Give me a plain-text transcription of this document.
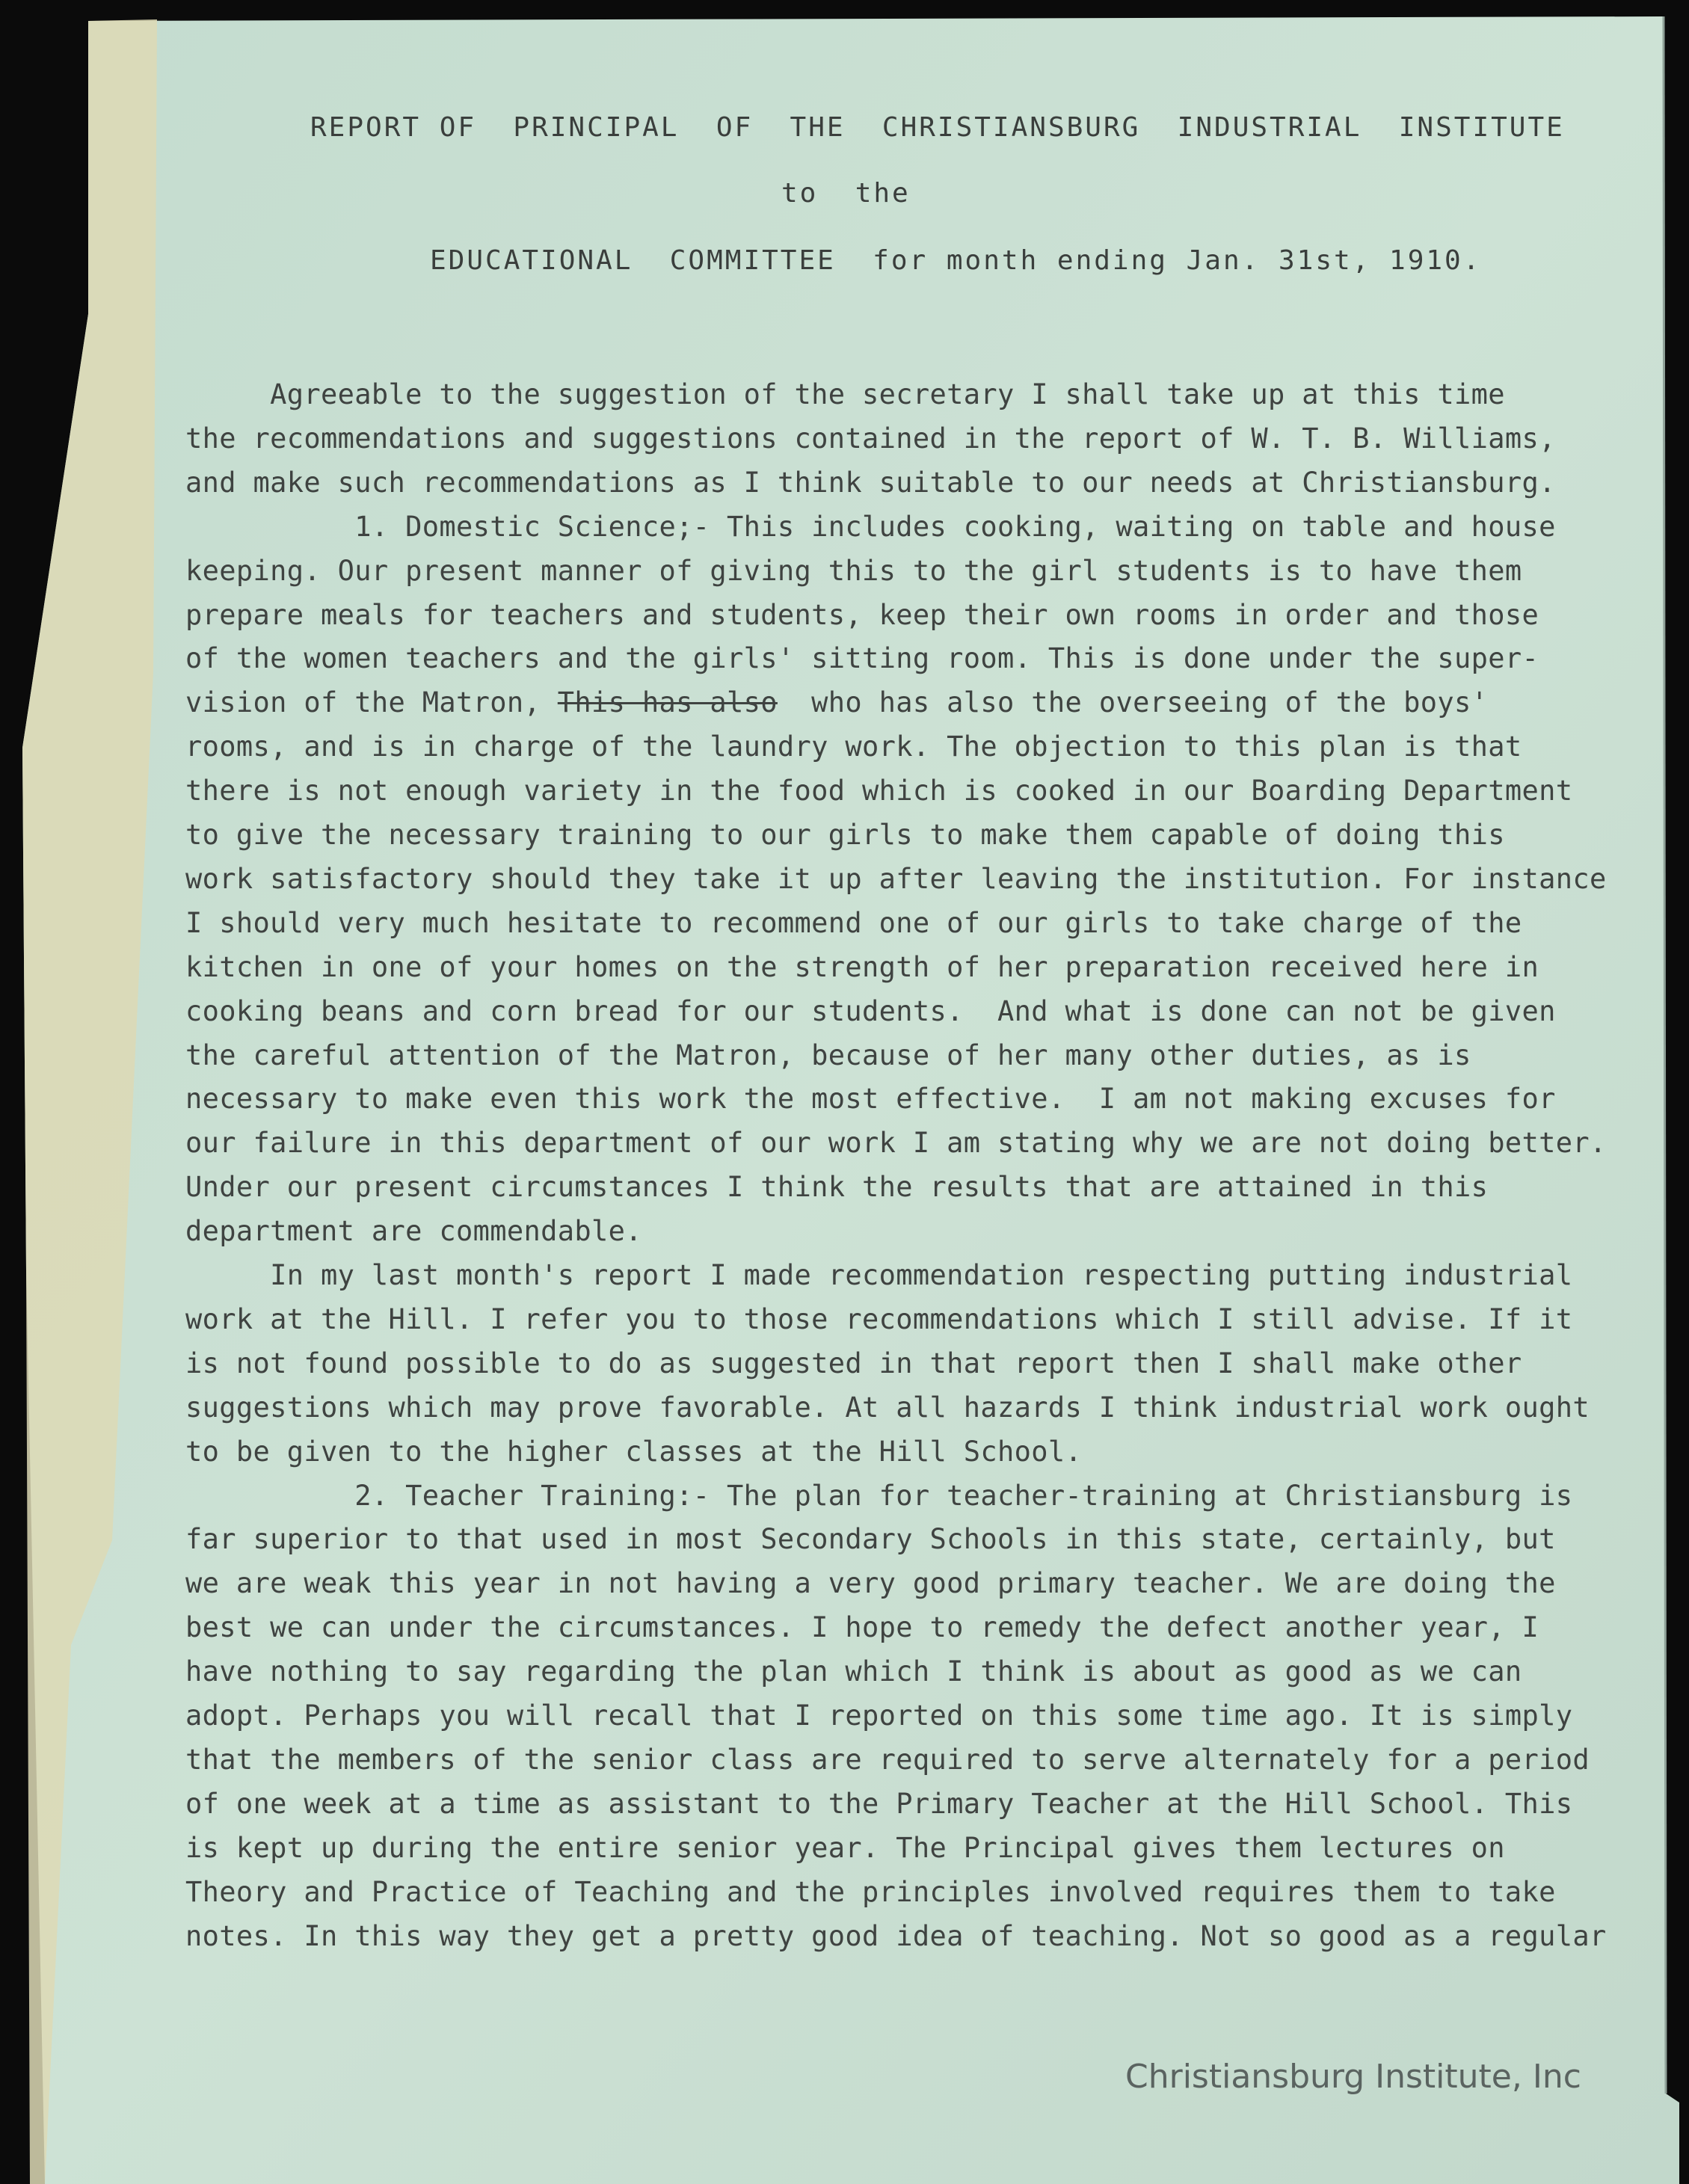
REPORT OF  PRINCIPAL  OF  THE  CHRISTIANSBURG  INDUSTRIAL  INSTITUTE
to  the
EDUCATIONAL  COMMITTEE  for month ending Jan. 31st, 1910.
Agreeable to the suggestion of the secretary I shall take up at this time
the recommendations and suggestions contained in the report of W. T. B. Williams,
and make such recommendations as I think suitable to our needs at Christiansburg.
1. Domestic Science;- This includes cooking, waiting on table and house
keeping. Our present manner of giving this to the girl students is to have them
prepare meals for teachers and students, keep their own rooms in order and those
of the women teachers and the girls' sitting room. This is done under the super-
vision of the Matron, This has also  who has also the overseeing of the boys'
rooms, and is in charge of the laundry work. The objection to this plan is that
there is not enough variety in the food which is cooked in our Boarding Department
to give the necessary training to our girls to make them capable of doing this
work satisfactory should they take it up after leaving the institution. For instance
I should very much hesitate to recommend one of our girls to take charge of the
kitchen in one of your homes on the strength of her preparation received here in
cooking beans and corn bread for our students.  And what is done can not be given
the careful attention of the Matron, because of her many other duties, as is
necessary to make even this work the most effective.  I am not making excuses for
our failure in this department of our work I am stating why we are not doing better.
Under our present circumstances I think the results that are attained in this
department are commendable.
In my last month's report I made recommendation respecting putting industrial
work at the Hill. I refer you to those recommendations which I still advise. If it
is not found possible to do as suggested in that report then I shall make other
suggestions which may prove favorable. At all hazards I think industrial work ought
to be given to the higher classes at the Hill School.
2. Teacher Training:- The plan for teacher-training at Christiansburg is
far superior to that used in most Secondary Schools in this state, certainly, but
we are weak this year in not having a very good primary teacher. We are doing the
best we can under the circumstances. I hope to remedy the defect another year, I
have nothing to say regarding the plan which I think is about as good as we can
adopt. Perhaps you will recall that I reported on this some time ago. It is simply
that the members of the senior class are required to serve alternately for a period
of one week at a time as assistant to the Primary Teacher at the Hill School. This
is kept up during the entire senior year. The Principal gives them lectures on
Theory and Practice of Teaching and the principles involved requires them to take
notes. In this way they get a pretty good idea of teaching. Not so good as a regular
Christiansburg Institute, Inc
